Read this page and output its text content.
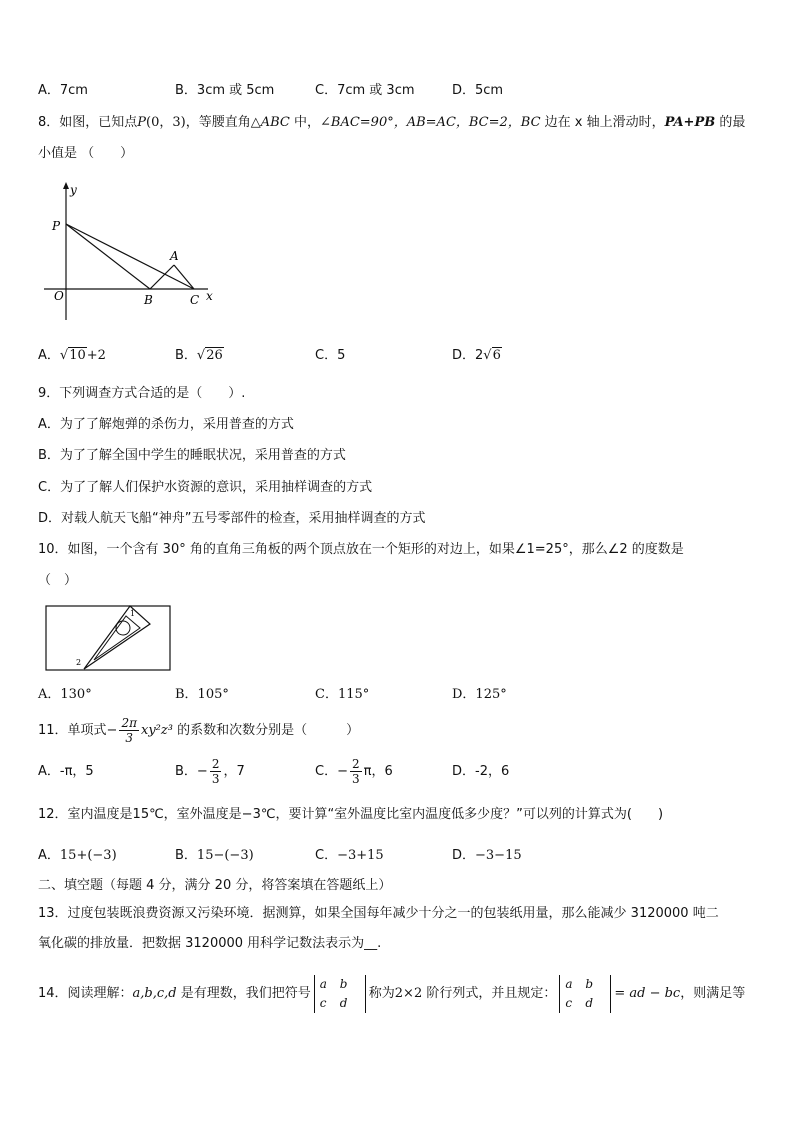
A．7cm	B．3cm 或 5cm	C．7cm 或 3cm	D．5cm
8．如图，已知点P(0，3)，等腰直角△ABC 中，∠BAC=90°，AB=AC，BC=2，BC 边在 x 轴上滑动时，PA+PB 的最
小值是 （　　）
y
P
A
O	B	C x
A．√10+2	B．√26	C．5	D．2√6
9．下列调查方式合适的是（　　）.
A．为了了解炮弹的杀伤力，采用普查的方式
B．为了了解全国中学生的睡眠状况，采用普查的方式
C．为了了解人们保护水资源的意识，采用抽样调查的方式
D．对载人航天飞船“神舟”五号零部件的检查，采用抽样调查的方式
10．如图，一个含有 30° 角的直角三角板的两个顶点放在一个矩形的对边上，如果∠1=25°，那么∠2 的度数是
（　）
1
2
A．130°	B．105°	C．115°	D．125°
11．单项式− $\frac{2\pi}{3} xy^2z^3$ 的系数和次数分别是（　　　）
A．-π，5	B．− $\frac{2}{3}$ ，7	C．− $\frac{2}{3}$ π，6	D．-2，6
12．室内温度是15℃，室外温度是−3℃，要计算“室外温度比室内温度低多少度？”可以列的计算式为(　　)
A．15+(−3)	B．15−(−3)	C．−3+15	D．−3−15
二、填空题（每题 4 分，满分 20 分，将答案填在答题纸上）
13．过度包装既浪费资源又污染环境．据测算，如果全国每年减少十分之一的包装纸用量，那么能减少 3120000 吨二
氧化碳的排放量．把数据 3120000 用科学记数法表示为__.
14．阅读理解：a,b,c,d 是有理数，我们把符号a b
c d称为2×2 阶行列式，并且规定：a b
c d= ad − bc，则满足等
